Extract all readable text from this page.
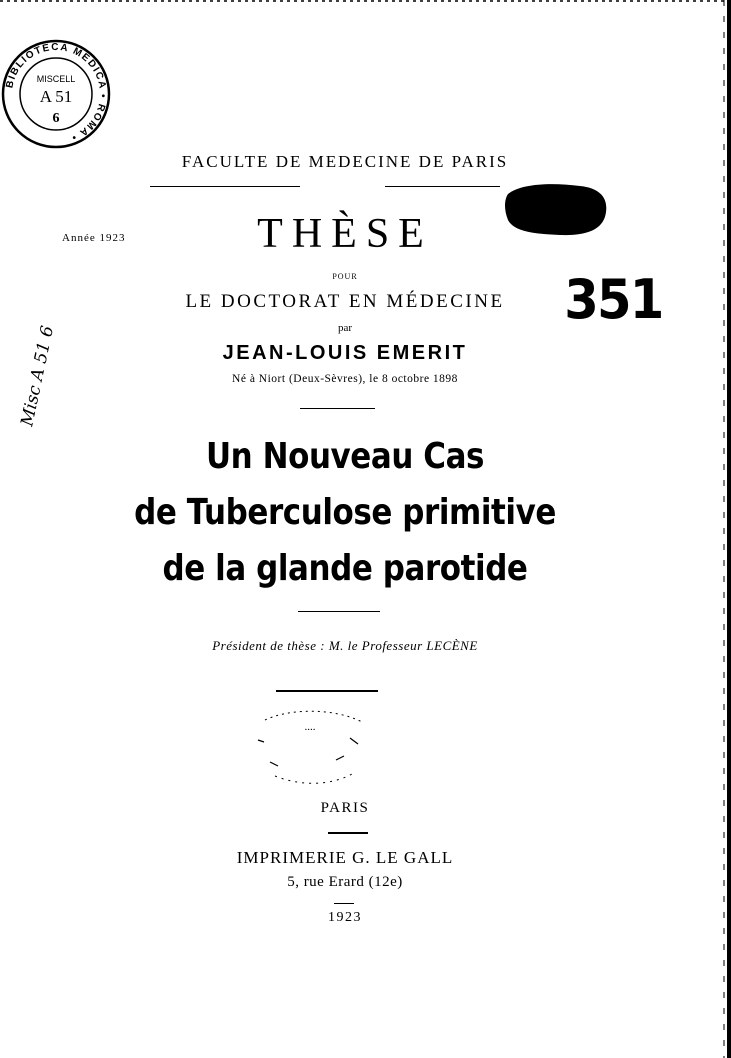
BIBLIOTECA MEDICA • ROMA •
MISCELL
A 51
6
FACULTE DE MEDECINE DE PARIS
Année 1923	THÈSE
POUR
LE DOCTORAT EN MÉDECINE
par
JEAN-LOUIS EMERIT
Né à Niort (Deux-Sèvres), le 8 octobre 1898
351
Misc A 51 6
Un Nouveau Cas
de Tuberculose primitive
de la glande parotide
Président de thèse : M. le Professeur LECÈNE
....
PARIS
IMPRIMERIE G. LE GALL
5, rue Erard (12e)
1923
